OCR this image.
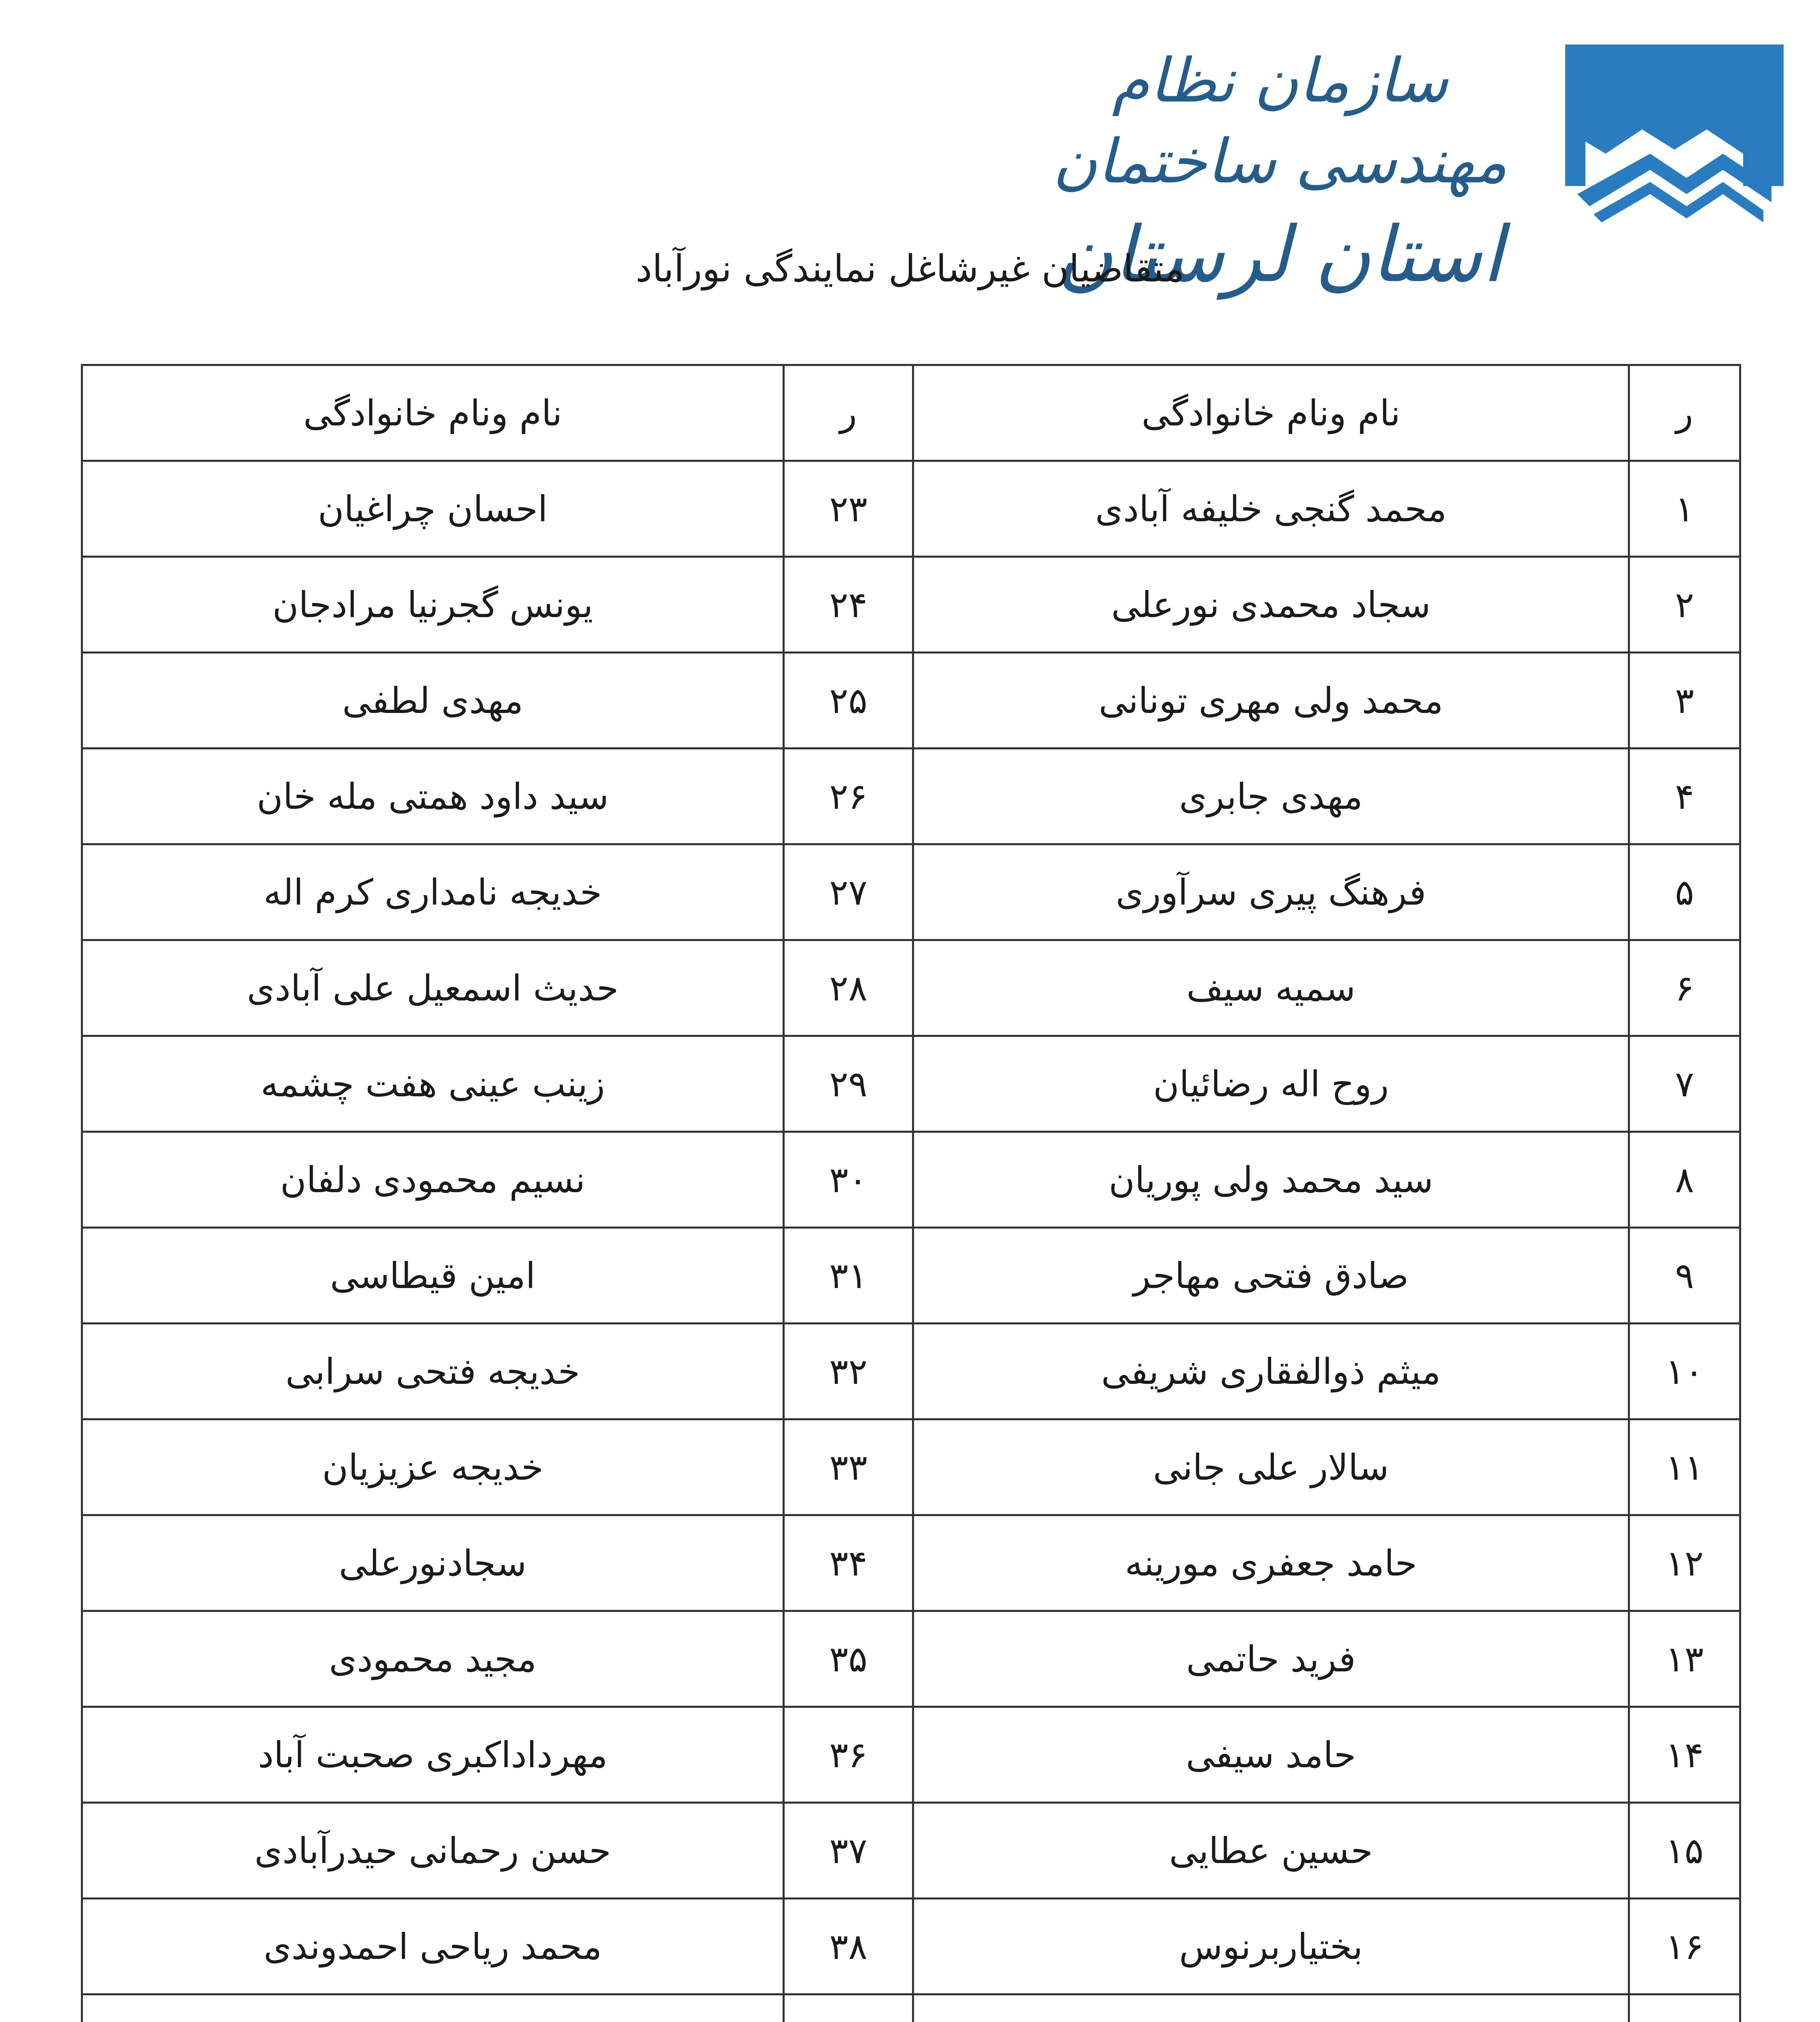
سازمان نظام مهندسی ساختمان
استان لرستان
متقاضیان غیرشاغل نمایندگی نورآباد
ر	نام ونام خانوادگی	ر	نام ونام خانوادگی
۱	محمد گنجی خلیفه آبادی	۲۳	احسان چراغیان
۲	سجاد محمدی نورعلی	۲۴	یونس گجرنیا مرادجان
۳	محمد ولی مهری تونانی	۲۵	مهدی لطفی
۴	مهدی جابری	۲۶	سید داود همتی مله خان
۵	فرهنگ پیری سرآوری	۲۷	خدیجه نامداری کرم اله
۶	سمیه سیف	۲۸	حدیث اسمعیل علی آبادی
۷	روح اله رضائیان	۲۹	زینب عینی هفت چشمه
۸	سید محمد ولی پوریان	۳۰	نسیم محمودی دلفان
۹	صادق فتحی مهاجر	۳۱	امین قیطاسی
۱۰	میثم ذوالفقاری شریفی	۳۲	خدیجه فتحی سرابی
۱۱	سالار علی جانی	۳۳	خدیجه عزیزیان
۱۲	حامد جعفری مورینه	۳۴	سجادنورعلی
۱۳	فرید حاتمی	۳۵	مجید محمودی
۱۴	حامد سیفی	۳۶	مهرداداکبری صحبت آباد
۱۵	حسین عطایی	۳۷	حسن رحمانی حیدرآبادی
۱۶	بختیاربرنوس	۳۸	محمد ریاحی احمدوندی
